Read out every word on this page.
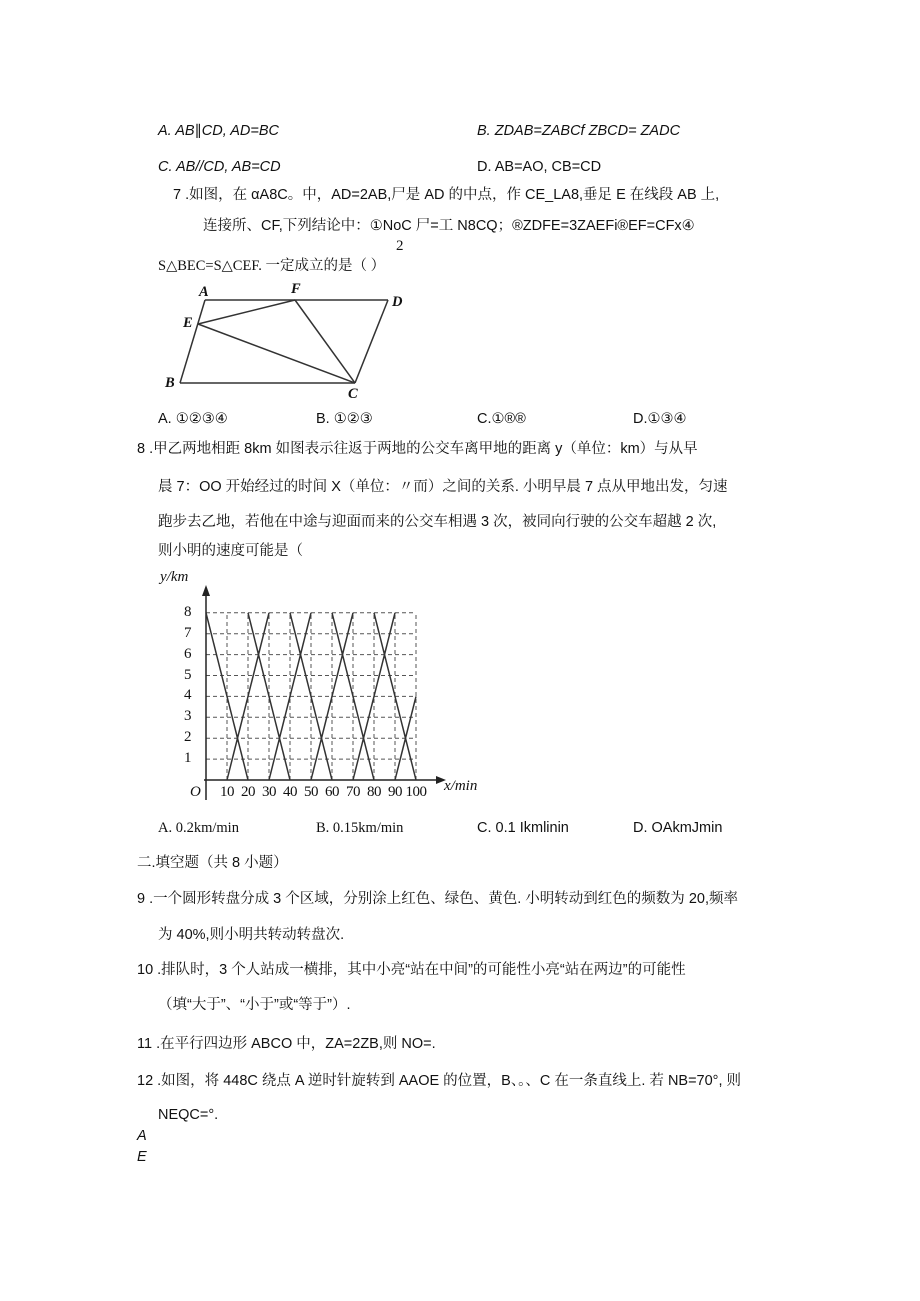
A. AB∥CD, AD=BC	B. ZDAB=ZABCf ZBCD= ZADC
C. AB//CD, AB=CD	D. AB=AO, CB=CD
7 .如图，在 αA8C。中，AD=2AB,尸是 AD 的中点，作 CE_LA8,垂足 E 在线段 AB 上,
连接所、CF,下列结论中：①NoC 尸=工 N8CQ；®ZDFE=3ZAEFi®EF=CFx④
2
S△BEC=S△CEF. 一定成立的是（ ）
A	F
D
E
B
C
A. ①②③④	B. ①②③	C.①®®	D.①③④
8 .甲乙两地相距 8km 如图表示往返于两地的公交车离甲地的距离 y（单位：km）与从早
晨 7：OO 开始经过的时间 X（单位：〃而）之间的关系. 小明早晨 7 点从甲地出发，匀速
跑步去乙地，若他在中途与迎面而来的公交车相遇 3 次，被同向行驶的公交车超越 2 次,
则小明的速度可能是（
10 20 30 40 50 60 70 80 90 100
1
2
3
4
5
6
7
8
O	x/min
y/km
A. 0.2km/min	B. 0.15km/min	C. 0.1 Ikmlinin	D. OAkmJmin
二.填空题（共 8 小题）
9 .一个圆形转盘分成 3 个区域，分别涂上红色、绿色、黄色. 小明转动到红色的频数为 20,频率
为 40%,则小明共转动转盘次.
10 .排队时，3 个人站成一横排，其中小亮“站在中间”的可能性小亮“站在两边”的可能性
（填“大于”、“小于”或“等于”）.
11 .在平行四边形 ABCO 中，ZA=2ZB,则 NO=.
12 .如图，将 448C 绕点 A 逆时针旋转到 AAOE 的位置，B、。、C 在一条直线上. 若 NB=70°, 则
NEQC=°.
A
E
